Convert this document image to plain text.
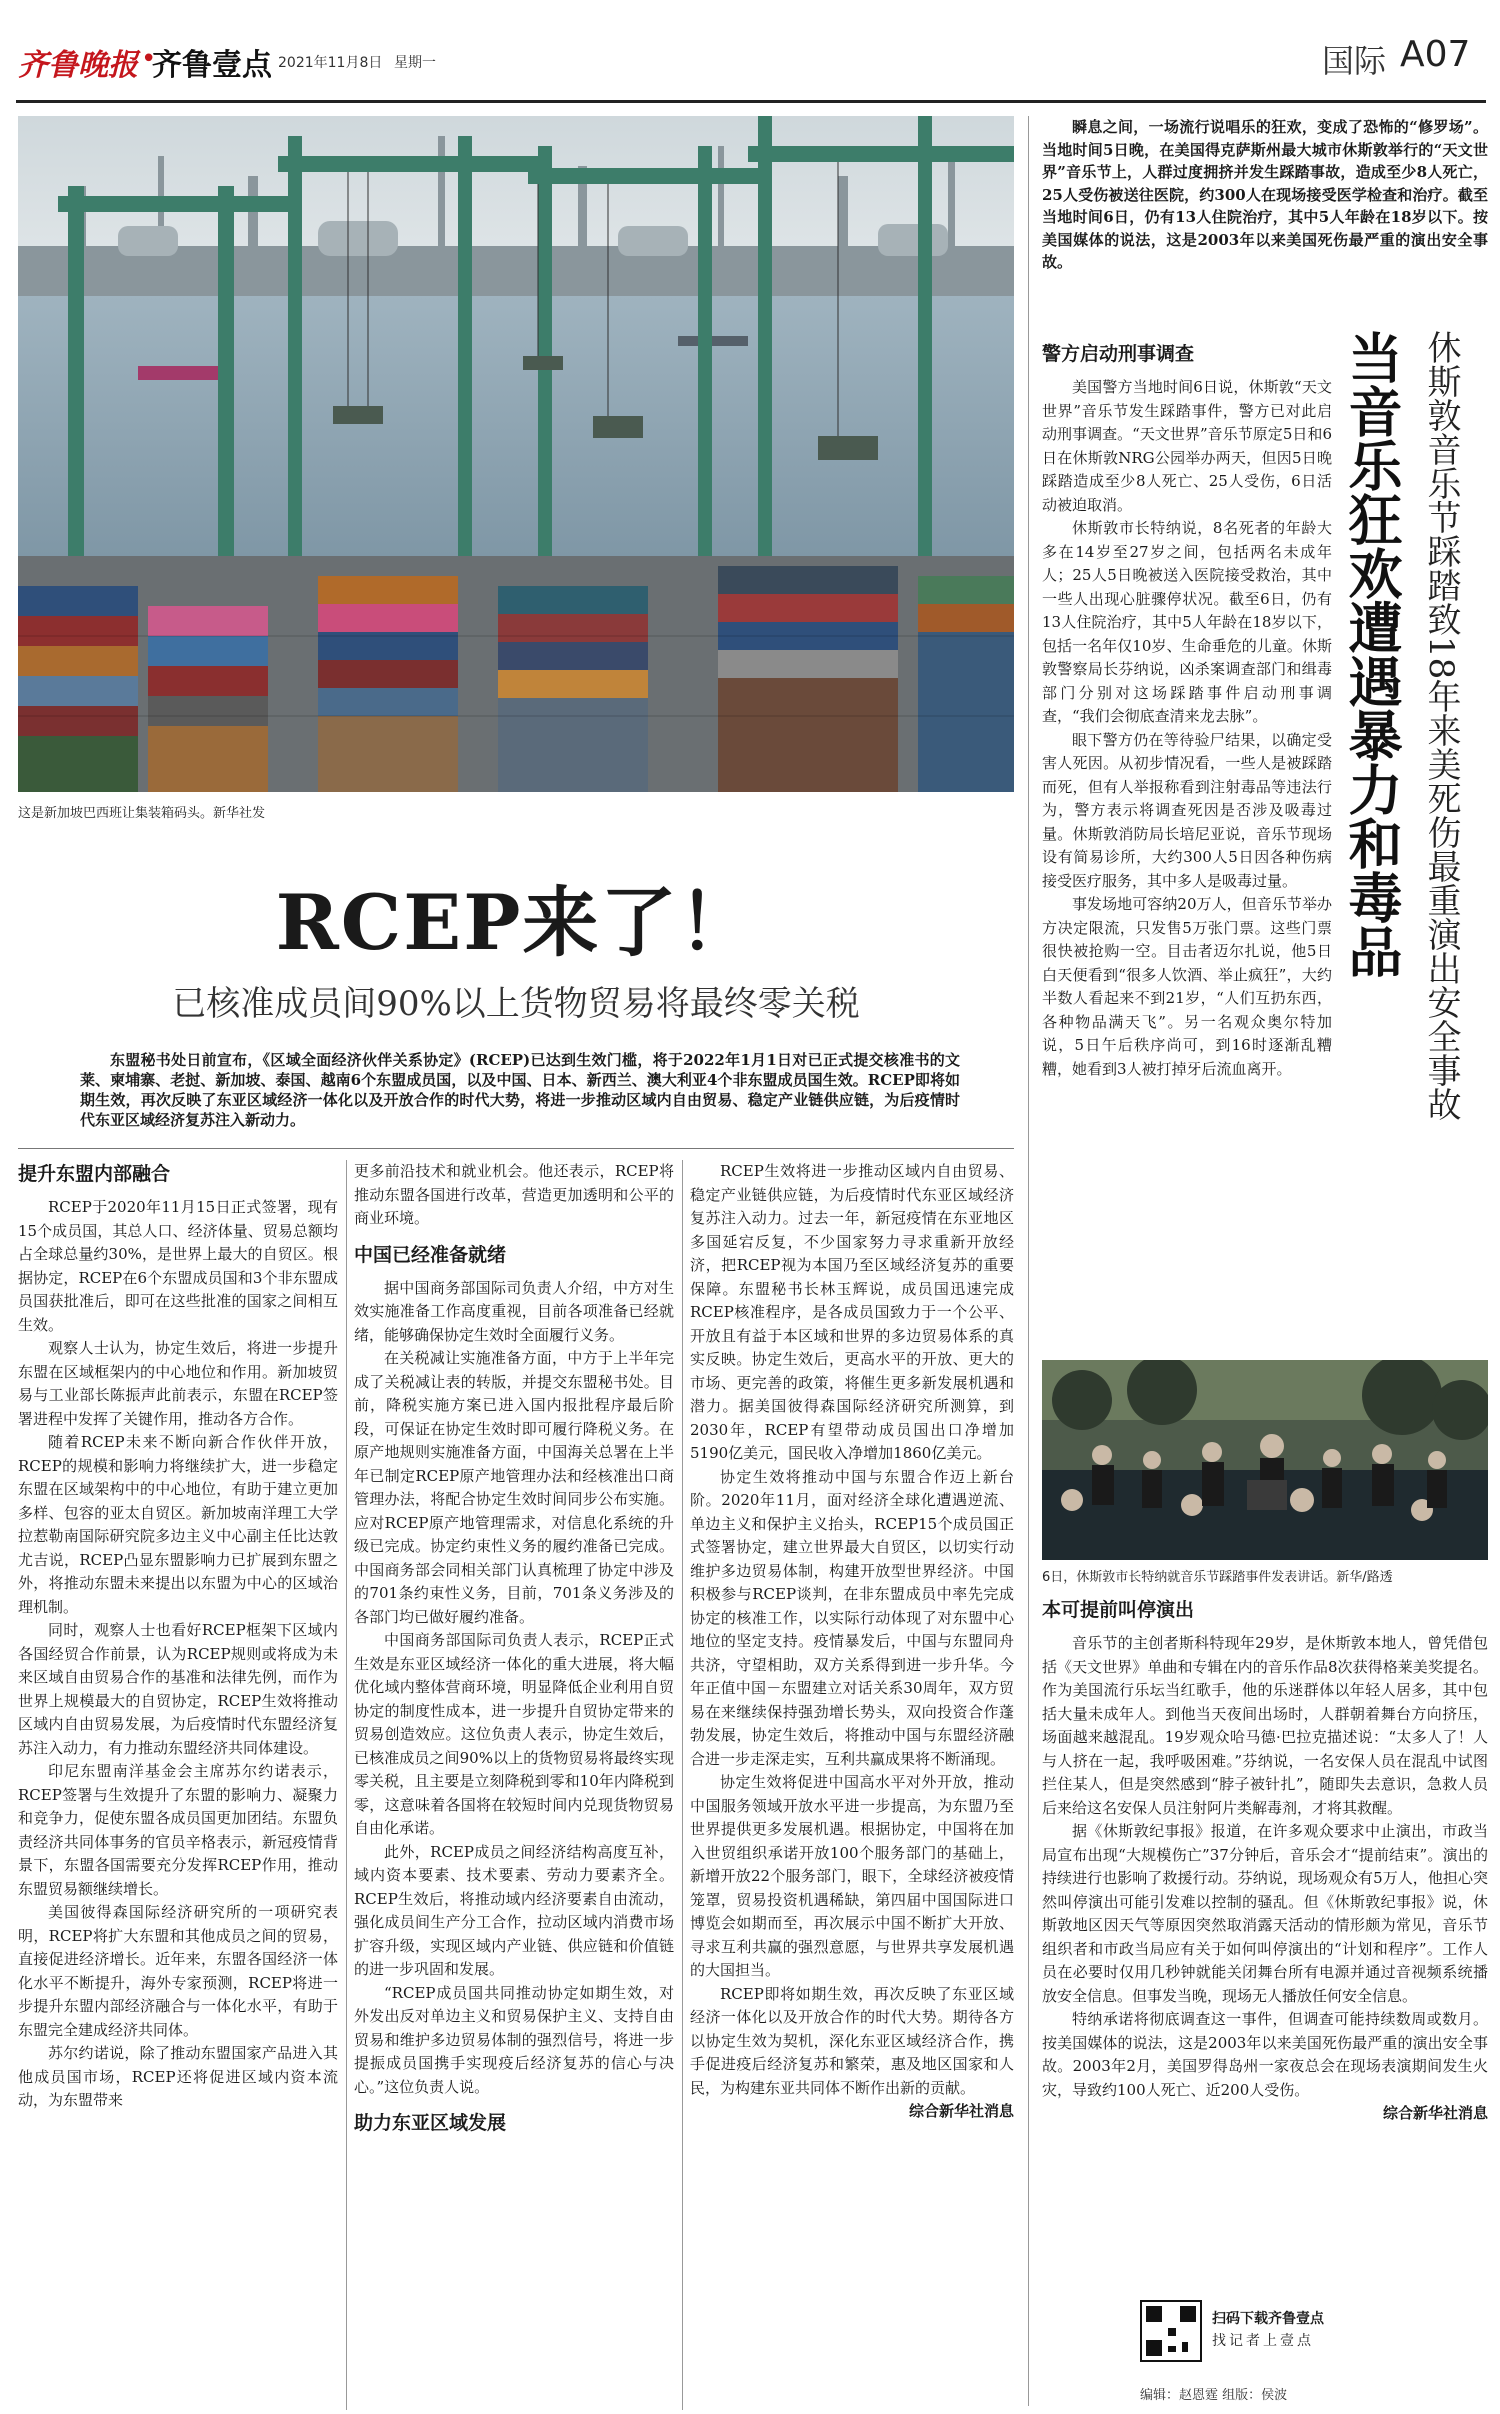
齐鲁晚报 •
齐鲁壹点 2021年11月8日 星期一	国际 A07
这是新加坡巴西班让集装箱码头。新华社发
RCEP来了！
已核准成员间90%以上货物贸易将最终零关税
东盟秘书处日前宣布，《区域全面经济伙伴关系协定》(RCEP)已达到生效门槛，将于2022年1月1日对已正式提交核准书的文莱、柬埔寨、老挝、新加坡、泰国、越南6个东盟成员国，以及中国、日本、新西兰、澳大利亚4个非东盟成员国生效。RCEP即将如期生效，再次反映了东亚区域经济一体化以及开放合作的时代大势，将进一步推动区域内自由贸易、稳定产业链供应链，为后疫情时代东亚区域经济复苏注入新动力。
提升东盟内部融合

RCEP于2020年11月15日正式签署，现有15个成员国，其总人口、经济体量、贸易总额均占全球总量约30%，是世界上最大的自贸区。根据协定，RCEP在6个东盟成员国和3个非东盟成员国获批准后，即可在这些批准的国家之间相互生效。

观察人士认为，协定生效后，将进一步提升东盟在区域框架内的中心地位和作用。新加坡贸易与工业部长陈振声此前表示，东盟在RCEP签署进程中发挥了关键作用，推动各方合作。

随着RCEP未来不断向新合作伙伴开放，RCEP的规模和影响力将继续扩大，进一步稳定东盟在区域架构中的中心地位，有助于建立更加多样、包容的亚太自贸区。新加坡南洋理工大学拉惹勒南国际研究院多边主义中心副主任比达敦尤吉说，RCEP凸显东盟影响力已扩展到东盟之外，将推动东盟未来提出以东盟为中心的区域治理机制。

同时，观察人士也看好RCEP框架下区域内各国经贸合作前景，认为RCEP规则或将成为未来区域自由贸易合作的基准和法律先例，而作为世界上规模最大的自贸协定，RCEP生效将推动区域内自由贸易发展，为后疫情时代东盟经济复苏注入动力，有力推动东盟经济共同体建设。

印尼东盟南洋基金会主席苏尔约诺表示，RCEP签署与生效提升了东盟的影响力、凝聚力和竞争力，促使东盟各成员国更加团结。东盟负责经济共同体事务的官员辛格表示，新冠疫情背景下，东盟各国需要充分发挥RCEP作用，推动东盟贸易额继续增长。

美国彼得森国际经济研究所的一项研究表明，RCEP将扩大东盟和其他成员之间的贸易，直接促进经济增长。近年来，东盟各国经济一体化水平不断提升，海外专家预测，RCEP将进一步提升东盟内部经济融合与一体化水平，有助于东盟完全建成经济共同体。

苏尔约诺说，除了推动东盟国家产品进入其他成员国市场，RCEP还将促进区域内资本流动，为东盟带来

更多前沿技术和就业机会。他还表示，RCEP将推动东盟各国进行改革，营造更加透明和公平的商业环境。

中国已经准备就绪

据中国商务部国际司负责人介绍，中方对生效实施准备工作高度重视，目前各项准备已经就绪，能够确保协定生效时全面履行义务。

在关税减让实施准备方面，中方于上半年完成了关税减让表的转版，并提交东盟秘书处。目前，降税实施方案已进入国内报批程序最后阶段，可保证在协定生效时即可履行降税义务。在原产地规则实施准备方面，中国海关总署在上半年已制定RCEP原产地管理办法和经核准出口商管理办法，将配合协定生效时间同步公布实施。应对RCEP原产地管理需求，对信息化系统的升级已完成。协定约束性义务的履约准备已完成。中国商务部会同相关部门认真梳理了协定中涉及的701条约束性义务，目前，701条义务涉及的各部门均已做好履约准备。

中国商务部国际司负责人表示，RCEP正式生效是东亚区域经济一体化的重大进展，将大幅优化域内整体营商环境，明显降低企业利用自贸协定的制度性成本，进一步提升自贸协定带来的贸易创造效应。这位负责人表示，协定生效后，已核准成员之间90%以上的货物贸易将最终实现零关税，且主要是立刻降税到零和10年内降税到零，这意味着各国将在较短时间内兑现货物贸易自由化承诺。

此外，RCEP成员之间经济结构高度互补，域内资本要素、技术要素、劳动力要素齐全。RCEP生效后，将推动域内经济要素自由流动，强化成员间生产分工合作，拉动区域内消费市场扩容升级，实现区域内产业链、供应链和价值链的进一步巩固和发展。

“RCEP成员国共同推动协定如期生效，对外发出反对单边主义和贸易保护主义、支持自由贸易和维护多边贸易体制的强烈信号，将进一步提振成员国携手实现疫后经济复苏的信心与决心。”这位负责人说。

助力东亚区域发展

RCEP生效将进一步推动区域内自由贸易、稳定产业链供应链，为后疫情时代东亚区域经济复苏注入动力。过去一年，新冠疫情在东亚地区多国延宕反复，不少国家努力寻求重新开放经济，把RCEP视为本国乃至区域经济复苏的重要保障。东盟秘书长林玉辉说，成员国迅速完成RCEP核准程序，是各成员国致力于一个公平、开放且有益于本区域和世界的多边贸易体系的真实反映。协定生效后，更高水平的开放、更大的市场、更完善的政策，将催生更多新发展机遇和潜力。据美国彼得森国际经济研究所测算，到2030年，RCEP有望带动成员国出口净增加5190亿美元，国民收入净增加1860亿美元。

协定生效将推动中国与东盟合作迈上新台阶。2020年11月，面对经济全球化遭遇逆流、单边主义和保护主义抬头，RCEP15个成员国正式签署协定，建立世界最大自贸区，以切实行动维护多边贸易体制，构建开放型世界经济。中国积极参与RCEP谈判，在非东盟成员中率先完成协定的核准工作，以实际行动体现了对东盟中心地位的坚定支持。疫情暴发后，中国与东盟同舟共济，守望相助，双方关系得到进一步升华。今年正值中国－东盟建立对话关系30周年，双方贸易在来继续保持强劲增长势头，双向投资合作蓬勃发展，协定生效后，将推动中国与东盟经济融合进一步走深走实，互利共赢成果将不断涌现。

协定生效将促进中国高水平对外开放，推动中国服务领域开放水平进一步提高，为东盟乃至世界提供更多发展机遇。根据协定，中国将在加入世贸组织承诺开放100个服务部门的基础上，新增开放22个服务部门，眼下，全球经济被疫情笼罩，贸易投资机遇稀缺，第四届中国国际进口博览会如期而至，再次展示中国不断扩大开放、寻求互利共赢的强烈意愿，与世界共享发展机遇的大国担当。

RCEP即将如期生效，再次反映了东亚区域经济一体化以及开放合作的时代大势。期待各方以协定生效为契机，深化东亚区域经济合作，携手促进疫后经济复苏和繁荣，惠及地区国家和人民，为构建东亚共同体不断作出新的贡献。

综合新华社消息

瞬息之间，一场流行说唱乐的狂欢，变成了恐怖的“修罗场”。当地时间5日晚，在美国得克萨斯州最大城市休斯敦举行的“天文世界”音乐节上，人群过度拥挤并发生踩踏事故，造成至少8人死亡，25人受伤被送往医院，约300人在现场接受医学检查和治疗。截至当地时间6日，仍有13人住院治疗，其中5人年龄在18岁以下。按美国媒体的说法，这是2003年以来美国死伤最严重的演出安全事故。
警方启动刑事调查

美国警方当地时间6日说，休斯敦“天文世界”音乐节发生踩踏事件，警方已对此启动刑事调查。“天文世界”音乐节原定5日和6日在休斯敦NRG公园举办两天，但因5日晚踩踏造成至少8人死亡、25人受伤，6日活动被迫取消。

休斯敦市长特纳说，8名死者的年龄大多在14岁至27岁之间，包括两名未成年人；25人5日晚被送入医院接受救治，其中一些人出现心脏骤停状况。截至6日，仍有13人住院治疗，其中5人年龄在18岁以下，包括一名年仅10岁、生命垂危的儿童。休斯敦警察局长芬纳说，凶杀案调查部门和缉毒部门分别对这场踩踏事件启动刑事调查，“我们会彻底查清来龙去脉”。

眼下警方仍在等待验尸结果，以确定受害人死因。从初步情况看，一些人是被踩踏而死，但有人举报称看到注射毒品等违法行为，警方表示将调查死因是否涉及吸毒过量。休斯敦消防局长培尼亚说，音乐节现场设有简易诊所，大约300人5日因各种伤病接受医疗服务，其中多人是吸毒过量。

事发场地可容纳20万人，但音乐节举办方决定限流，只发售5万张门票。这些门票很快被抢购一空。目击者迈尔扎说，他5日白天便看到“很多人饮酒、举止疯狂”，大约半数人看起来不到21岁，“人们互扔东西，各种物品满天飞”。另一名观众奥尔特加说，5日午后秩序尚可，到16时逐渐乱糟糟，她看到3人被打掉牙后流血离开。	休斯敦音乐节踩踏致18年来美死伤最重演出安全事故
当音乐狂欢遭遇暴力和毒品
6日，休斯敦市长特纳就音乐节踩踏事件发表讲话。新华/路透
本可提前叫停演出

音乐节的主创者斯科特现年29岁，是休斯敦本地人，曾凭借包括《天文世界》单曲和专辑在内的音乐作品8次获得格莱美奖提名。作为美国流行乐坛当红歌手，他的乐迷群体以年轻人居多，其中包括大量未成年人。到他当天夜间出场时，人群朝着舞台方向挤压，场面越来越混乱。19岁观众哈马德·巴拉克描述说：“太多人了！人与人挤在一起，我呼吸困难。”芬纳说，一名安保人员在混乱中试图拦住某人，但是突然感到“脖子被针扎”，随即失去意识，急救人员后来给这名安保人员注射阿片类解毒剂，才将其救醒。

据《休斯敦纪事报》报道，在许多观众要求中止演出，市政当局宣布出现“大规模伤亡”37分钟后，音乐会才“提前结束”。演出的持续进行也影响了救援行动。芬纳说，现场观众有5万人，他担心突然叫停演出可能引发难以控制的骚乱。但《休斯敦纪事报》说，休斯敦地区因天气等原因突然取消露天活动的情形颇为常见，音乐节组织者和市政当局应有关于如何叫停演出的“计划和程序”。工作人员在必要时仅用几秒钟就能关闭舞台所有电源并通过音视频系统播放安全信息。但事发当晚，现场无人播放任何安全信息。

特纳承诺将彻底调查这一事件，但调查可能持续数周或数月。按美国媒体的说法，这是2003年以来美国死伤最严重的演出安全事故。2003年2月，美国罗得岛州一家夜总会在现场表演期间发生火灾，导致约100人死亡、近200人受伤。

综合新华社消息

扫码下载齐鲁壹点
找记者上壹点
编辑：赵恩霆 组版：侯波
